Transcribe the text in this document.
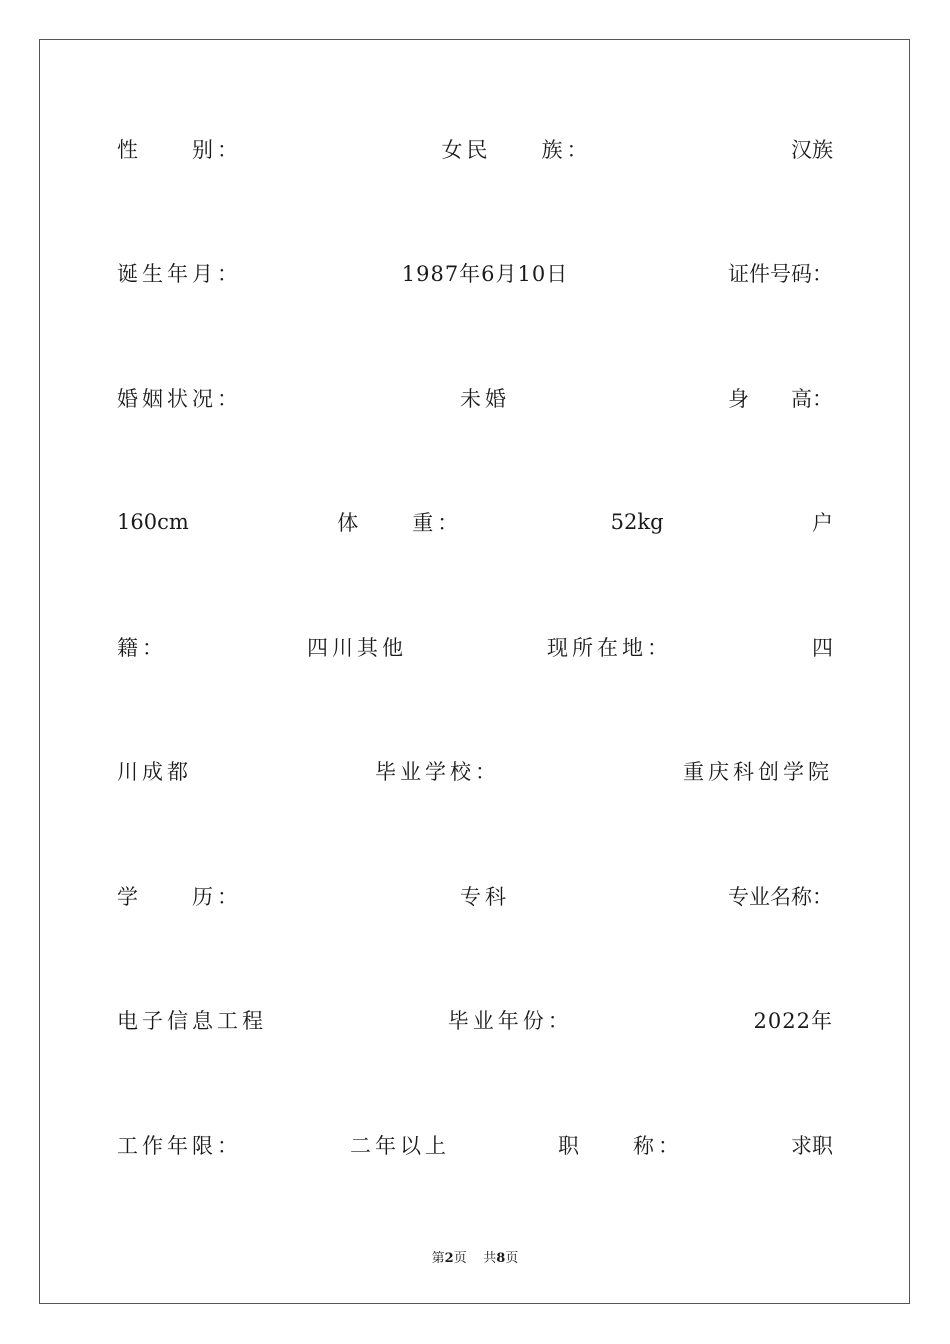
性　　别：	女民　　族：	汉族
诞生年月：	1987年6月10日	证件号码：
婚姻状况：	未婚	身　　高：
160cm	体　　重：	52kg	户
籍：	四川其他	现所在地：	四
川成都	毕业学校：	重庆科创学院
学　　历：	专科	专业名称：
电子信息工程	毕业年份：	2022年
工作年限：	二年以上	职　　称：	求职
第2页 共8页
